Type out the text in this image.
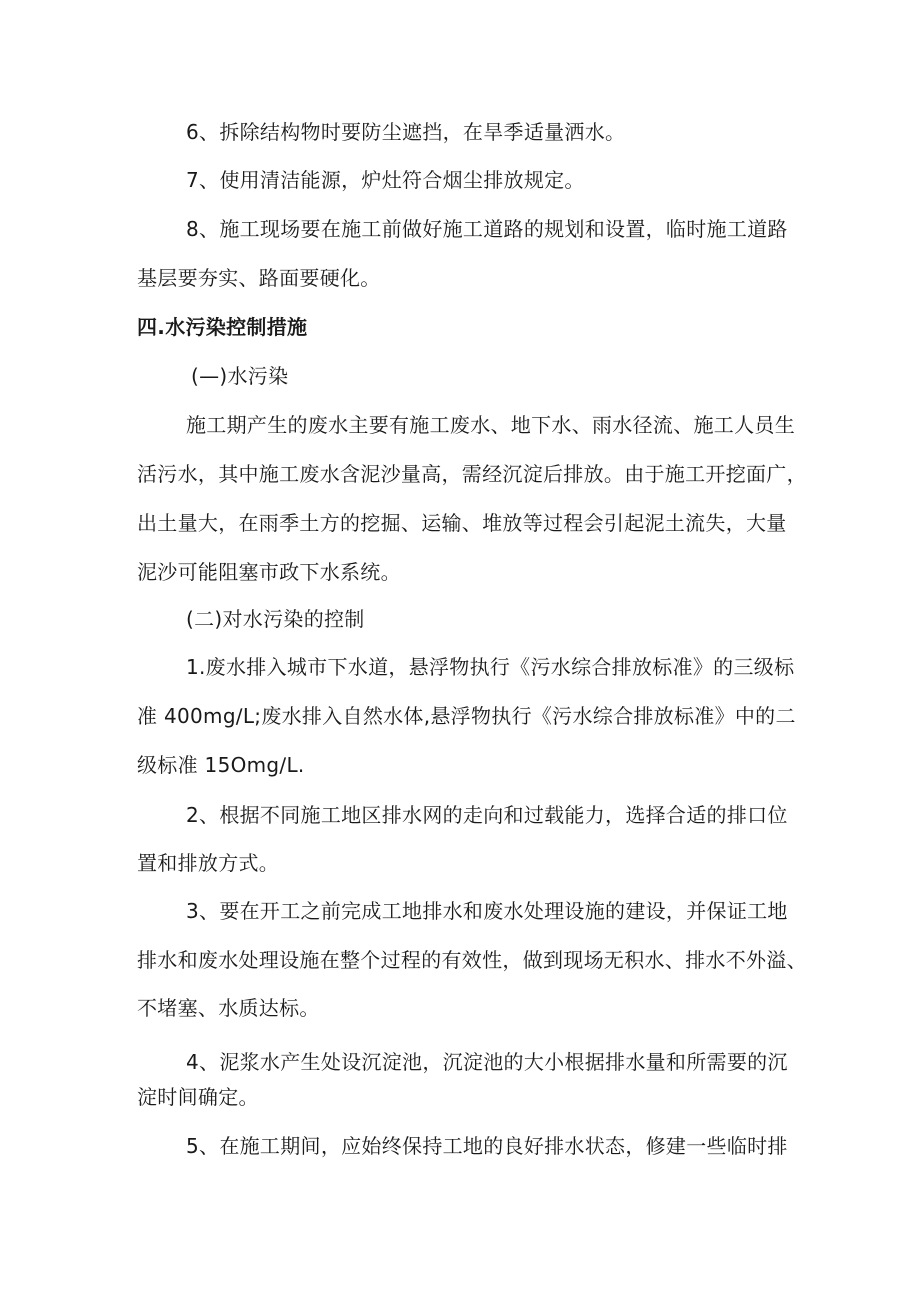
6、拆除结构物时要防尘遮挡，在旱季适量洒水。
7、使用清洁能源，炉灶符合烟尘排放规定。
8、施工现场要在施工前做好施工道路的规划和设置，临时施工道路
基层要夯实、路面要硬化。
四.水污染控制措施
(—)水污染
施工期产生的废水主要有施工废水、地下水、雨水径流、施工人员生
活污水，其中施工废水含泥沙量高，需经沉淀后排放。由于施工开挖面广，
出土量大，在雨季土方的挖掘、运输、堆放等过程会引起泥土流失，大量
泥沙可能阻塞市政下水系统。
(二)对水污染的控制
1.废水排入城市下水道，悬浮物执行《污水综合排放标准》的三级标
准 400mg∕L;废水排入自然水体,悬浮物执行《污水综合排放标准》中的二
级标准 15Omg∕L.
2、根据不同施工地区排水网的走向和过载能力，选择合适的排口位
置和排放方式。
3、要在开工之前完成工地排水和废水处理设施的建设，并保证工地
排水和废水处理设施在整个过程的有效性，做到现场无积水、排水不外溢、
不堵塞、水质达标。
4、泥浆水产生处设沉淀池，沉淀池的大小根据排水量和所需要的沉
淀时间确定。
5、在施工期间，应始终保持工地的良好排水状态，修建一些临时排
